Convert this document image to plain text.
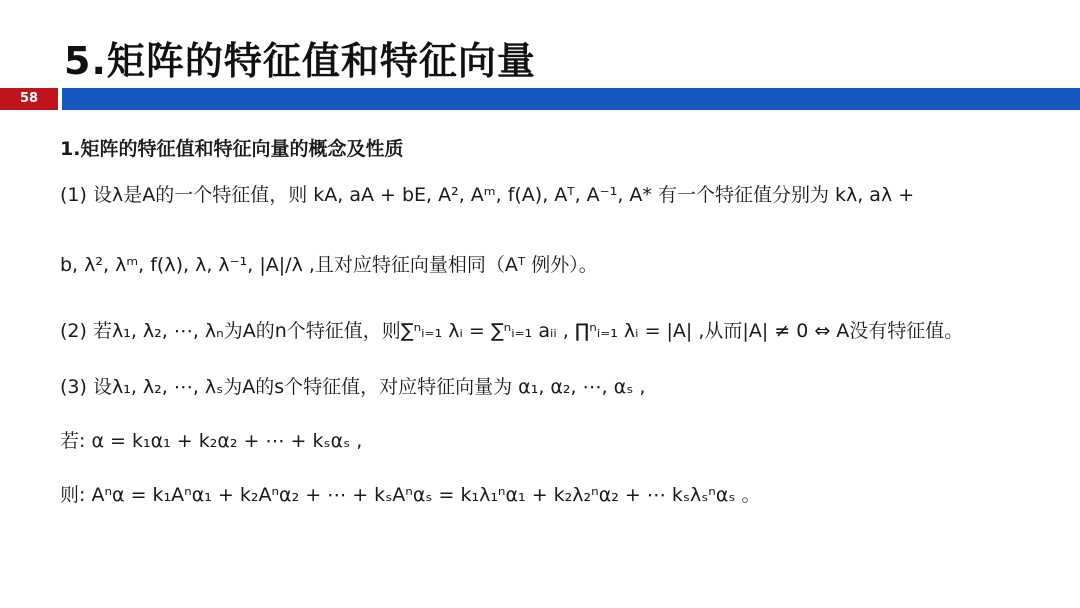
5.矩阵的特征值和特征向量
58
1.矩阵的特征值和特征向量的概念及性质
(1) 设λ是A的一个特征值，则 kA, aA + bE, A², Aᵐ, f(A), Aᵀ, A⁻¹, A* 有一个特征值分别为 kλ, aλ +
b, λ², λᵐ, f(λ), λ, λ⁻¹, |A|/λ ,且对应特征向量相同（Aᵀ 例外）。
(2) 若λ₁, λ₂, ⋯, λₙ为A的n个特征值，则∑ⁿᵢ₌₁ λᵢ = ∑ⁿᵢ₌₁ aᵢᵢ , ∏ⁿᵢ₌₁ λᵢ = |A| ,从而|A| ≠ 0 ⇔ A没有特征值。
(3) 设λ₁, λ₂, ⋯, λₛ为A的s个特征值，对应特征向量为 α₁, α₂, ⋯, αₛ ,
若: α = k₁α₁ + k₂α₂ + ⋯ + kₛαₛ ,
则: Aⁿα = k₁Aⁿα₁ + k₂Aⁿα₂ + ⋯ + kₛAⁿαₛ = k₁λ₁ⁿα₁ + k₂λ₂ⁿα₂ + ⋯ kₛλₛⁿαₛ 。
